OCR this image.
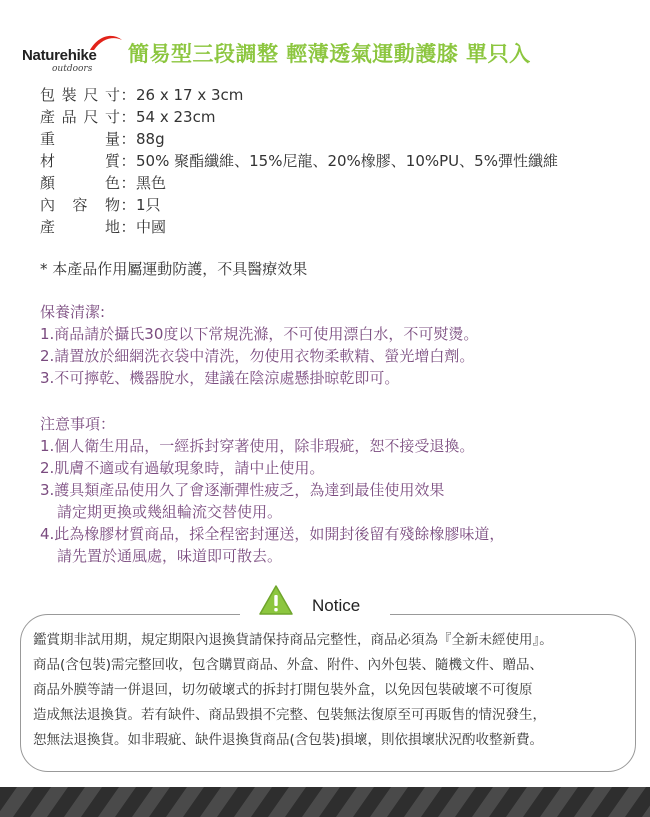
Naturehike
outdoors
簡易型三段調整 輕薄透氣運動護膝 單只入
包裝尺寸：26 x 17 x 3cm
產品尺寸：54 x 23cm
重量：88g
材質：50% 聚酯纖維、15%尼龍、20%橡膠、10%PU、5%彈性纖維
顏色：黑色
內容物：1只
產地：中國
* 本產品作用屬運動防護，不具醫療效果
保養清潔:
1.商品請於攝氏30度以下常規洗滌，不可使用漂白水，不可熨燙。
2.請置放於細網洗衣袋中清洗，勿使用衣物柔軟精、螢光增白劑。
3.不可擰乾、機器脫水，建議在陰涼處懸掛晾乾即可。
注意事項：
1.個人衛生用品，一經拆封穿著使用，除非瑕疵，恕不接受退換。
2.肌膚不適或有過敏現象時，請中止使用。
3.護具類產品使用久了會逐漸彈性疲乏，為達到最佳使用效果
請定期更換或幾組輪流交替使用。
4.此為橡膠材質商品，採全程密封運送，如開封後留有殘餘橡膠味道，
請先置於通風處，味道即可散去。
Notice
鑑賞期非試用期，規定期限內退換貨請保持商品完整性，商品必須為『全新未經使用』。
商品(含包裝)需完整回收，包含購買商品、外盒、附件、內外包裝、隨機文件、贈品、
商品外膜等請一併退回，切勿破壞式的拆封打開包裝外盒，以免因包裝破壞不可復原
造成無法退換貨。若有缺件、商品毀損不完整、包裝無法復原至可再販售的情況發生，
恕無法退換貨。如非瑕疵、缺件退換貨商品(含包裝)損壞，則依損壞狀況酌收整新費。
